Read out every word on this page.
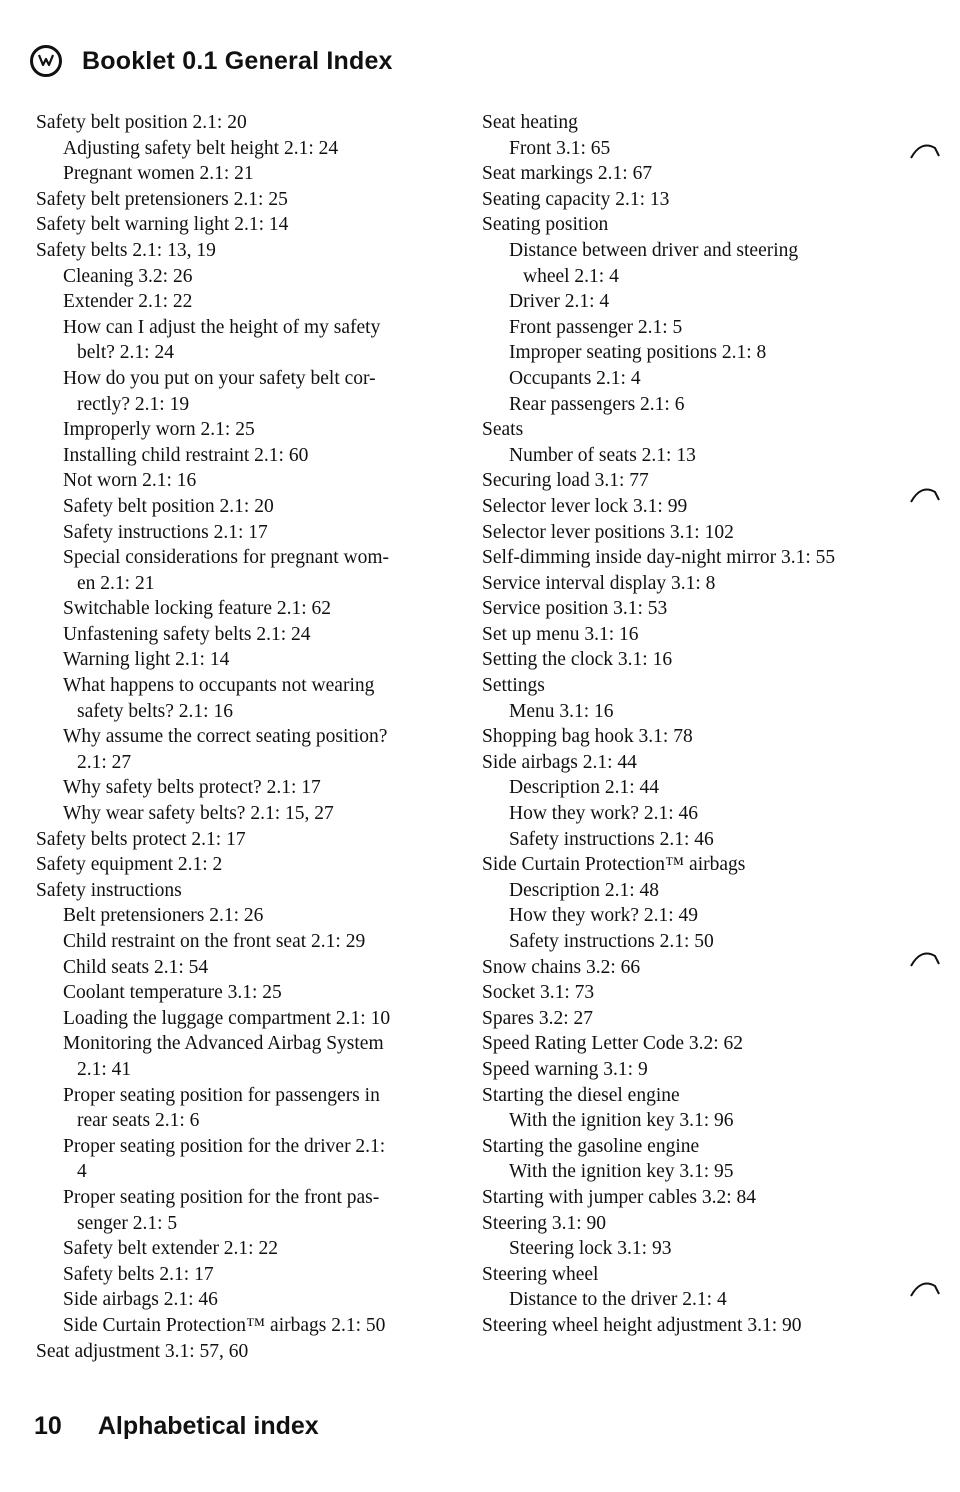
Booklet 0.1 General Index
Safety belt position 2.1: 20
Adjusting safety belt height 2.1: 24
Pregnant women 2.1: 21
Safety belt pretensioners 2.1: 25
Safety belt warning light 2.1: 14
Safety belts 2.1: 13, 19
Cleaning 3.2: 26
Extender 2.1: 22
How can I adjust the height of my safety

belt? 2.1: 24
How do you put on your safety belt cor-

rectly? 2.1: 19
Improperly worn 2.1: 25
Installing child restraint 2.1: 60
Not worn 2.1: 16
Safety belt position 2.1: 20
Safety instructions 2.1: 17
Special considerations for pregnant wom-

en 2.1: 21
Switchable locking feature 2.1: 62
Unfastening safety belts 2.1: 24
Warning light 2.1: 14
What happens to occupants not wearing

safety belts? 2.1: 16
Why assume the correct seating position?

2.1: 27
Why safety belts protect? 2.1: 17
Why wear safety belts? 2.1: 15, 27
Safety belts protect 2.1: 17
Safety equipment 2.1: 2
Safety instructions
Belt pretensioners 2.1: 26
Child restraint on the front seat 2.1: 29
Child seats 2.1: 54
Coolant temperature 3.1: 25
Loading the luggage compartment 2.1: 10
Monitoring the Advanced Airbag System

2.1: 41
Proper seating position for passengers in

rear seats 2.1: 6
Proper seating position for the driver 2.1:

4
Proper seating position for the front pas-

senger 2.1: 5
Safety belt extender 2.1: 22
Safety belts 2.1: 17
Side airbags 2.1: 46
Side Curtain Protection™ airbags 2.1: 50
Seat adjustment 3.1: 57, 60
Seat heating
Front 3.1: 65
Seat markings 2.1: 67
Seating capacity 2.1: 13
Seating position
Distance between driver and steering

wheel 2.1: 4
Driver 2.1: 4
Front passenger 2.1: 5
Improper seating positions 2.1: 8
Occupants 2.1: 4
Rear passengers 2.1: 6
Seats
Number of seats 2.1: 13
Securing load 3.1: 77
Selector lever lock 3.1: 99
Selector lever positions 3.1: 102
Self-dimming inside day-night mirror 3.1: 55
Service interval display 3.1: 8
Service position 3.1: 53
Set up menu 3.1: 16
Setting the clock 3.1: 16
Settings
Menu 3.1: 16
Shopping bag hook 3.1: 78
Side airbags 2.1: 44
Description 2.1: 44
How they work? 2.1: 46
Safety instructions 2.1: 46
Side Curtain Protection™ airbags
Description 2.1: 48
How they work? 2.1: 49
Safety instructions 2.1: 50
Snow chains 3.2: 66
Socket 3.1: 73
Spares 3.2: 27
Speed Rating Letter Code 3.2: 62
Speed warning 3.1: 9
Starting the diesel engine
With the ignition key 3.1: 96
Starting the gasoline engine
With the ignition key 3.1: 95
Starting with jumper cables 3.2: 84
Steering 3.1: 90
Steering lock 3.1: 93
Steering wheel
Distance to the driver 2.1: 4
Steering wheel height adjustment 3.1: 90
10 Alphabetical index
